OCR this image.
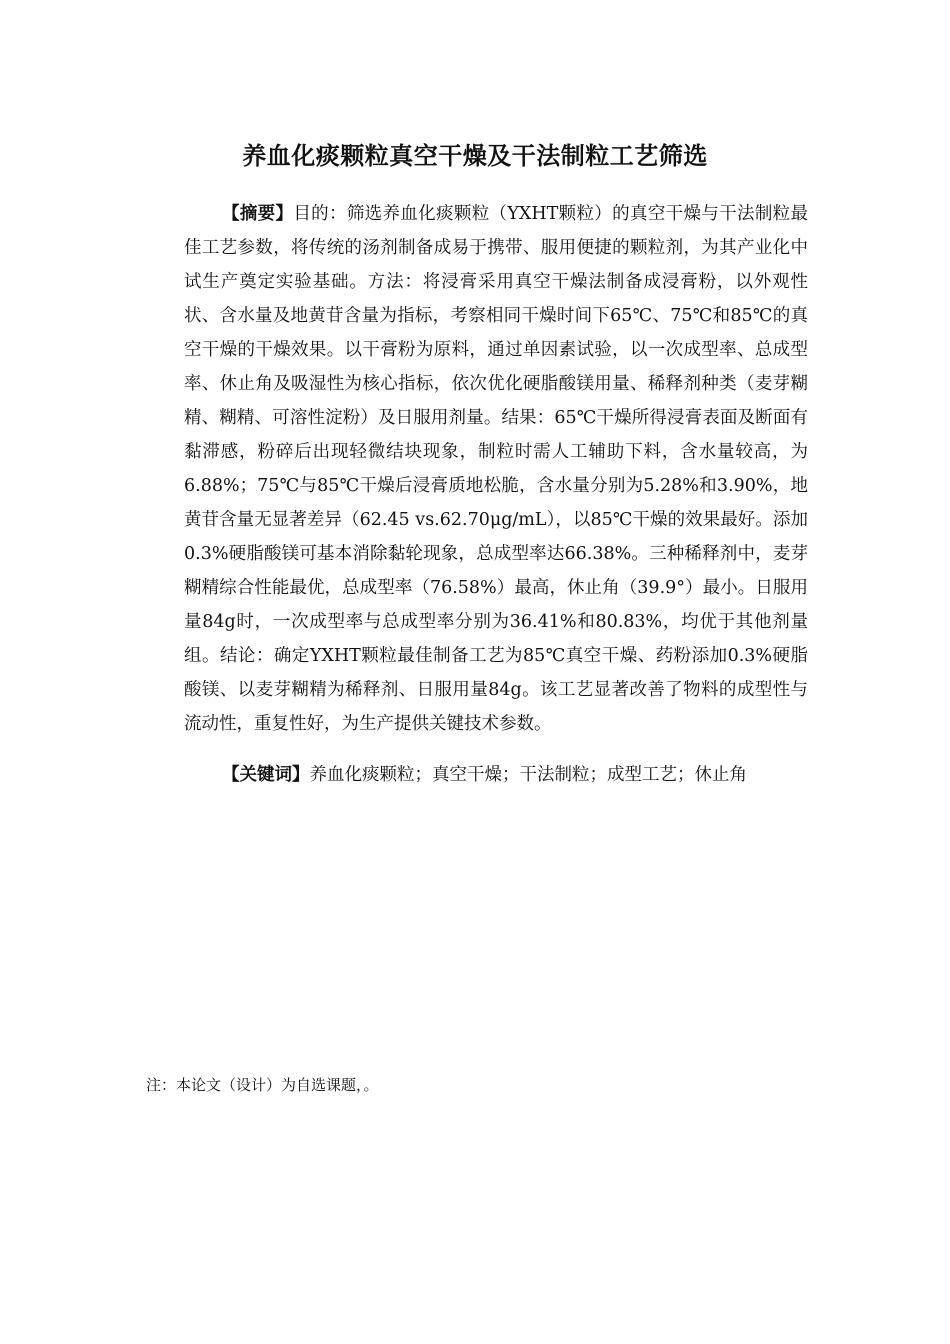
养血化痰颗粒真空干燥及干法制粒工艺筛选

【摘要】目的：筛选养血化痰颗粒（YXHT颗粒）的真空干燥与干法制粒最佳工艺参数，将传统的汤剂制备成易于携带、服用便捷的颗粒剂，为其产业化中试生产奠定实验基础。方法：将浸膏采用真空干燥法制备成浸膏粉，以外观性状、含水量及地黄苷含量为指标，考察相同干燥时间下65℃、75℃和85℃的真空干燥的干燥效果。以干膏粉为原料，通过单因素试验，以一次成型率、总成型率、休止角及吸湿性为核心指标，依次优化硬脂酸镁用量、稀释剂种类（麦芽糊精、糊精、可溶性淀粉）及日服用剂量。结果：65℃干燥所得浸膏表面及断面有黏滞感，粉碎后出现轻微结块现象，制粒时需人工辅助下料，含水量较高，为6.88%；75℃与85℃干燥后浸膏质地松脆，含水量分别为5.28%和3.90%，地黄苷含量无显著差异（62.45 vs.62.70μg/mL），以85℃干燥的效果最好。添加0.3%硬脂酸镁可基本消除黏轮现象，总成型率达66.38%。三种稀释剂中，麦芽糊精综合性能最优，总成型率（76.58%）最高，休止角（39.9°）最小。日服用量84g时，一次成型率与总成型率分别为36.41%和80.83%，均优于其他剂量组。结论：确定YXHT颗粒最佳制备工艺为85℃真空干燥、药粉添加0.3%硬脂酸镁、以麦芽糊精为稀释剂、日服用量84g。该工艺显著改善了物料的成型性与流动性，重复性好，为生产提供关键技术参数。

【关键词】养血化痰颗粒；真空干燥；干法制粒；成型工艺；休止角

注：本论文（设计）为自选课题，。
